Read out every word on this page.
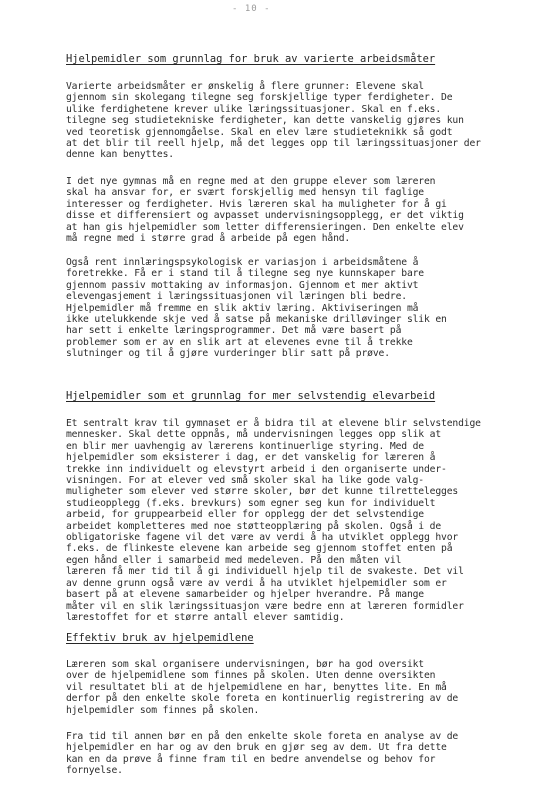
- 10 -
Hjelpemidler som grunnlag for bruk av varierte arbeidsmåter
Varierte arbeidsmåter er ønskelig å flere grunner: Elevene skal
gjennom sin skolegang tilegne seg forskjellige typer ferdigheter. De
ulike ferdighetene krever ulike læringssituasjoner. Skal en f.eks.
tilegne seg studietekniske ferdigheter, kan dette vanskelig gjøres kun
ved teoretisk gjennomgåelse. Skal en elev lære studieteknikk så godt
at det blir til reell hjelp, må det legges opp til læringssituasjoner der
denne kan benyttes.
I det nye gymnas må en regne med at den gruppe elever som læreren
skal ha ansvar for, er svært forskjellig med hensyn til faglige
interesser og ferdigheter. Hvis læreren skal ha muligheter for å gi
disse et differensiert og avpasset undervisningsopplegg, er det viktig
at han gis hjelpemidler som letter differensieringen. Den enkelte elev
må regne med i større grad å arbeide på egen hånd.
Også rent innlæringspsykologisk er variasjon i arbeidsmåtene å
foretrekke. Få er i stand til å tilegne seg nye kunnskaper bare
gjennom passiv mottaking av informasjon. Gjennom et mer aktivt
elevengasjement i læringssituasjonen vil læringen bli bedre.
Hjelpemidler må fremme en slik aktiv læring. Aktiviseringen må
ikke utelukkende skje ved å satse på mekaniske drilløvinger slik en
har sett i enkelte læringsprogrammer. Det må være basert på
problemer som er av en slik art at elevenes evne til å trekke
slutninger og til å gjøre vurderinger blir satt på prøve.
Hjelpemidler som et grunnlag for mer selvstendig elevarbeid
Et sentralt krav til gymnaset er å bidra til at elevene blir selvstendige
mennesker. Skal dette oppnås, må undervisningen legges opp slik at
en blir mer uavhengig av lærerens kontinuerlige styring. Med de
hjelpemidler som eksisterer i dag, er det vanskelig for læreren å
trekke inn individuelt og elevstyrt arbeid i den organiserte under-
visningen. For at elever ved små skoler skal ha like gode valg-
muligheter som elever ved større skoler, bør det kunne tilrettelegges
studieopplegg (f.eks. brevkurs) som egner seg kun for individuelt
arbeid, for gruppearbeid eller for opplegg der det selvstendige
arbeidet kompletteres med noe støtteopplæring på skolen. Også i de
obligatoriske fagene vil det være av verdi å ha utviklet opplegg hvor
f.eks. de flinkeste elevene kan arbeide seg gjennom stoffet enten på
egen hånd eller i samarbeid med medeleven. På den måten vil
læreren få mer tid til å gi individuell hjelp til de svakeste. Det vil
av denne grunn også være av verdi å ha utviklet hjelpemidler som er
basert på at elevene samarbeider og hjelper hverandre. På mange
måter vil en slik læringssituasjon være bedre enn at læreren formidler
lærestoffet for et større antall elever samtidig.
Effektiv bruk av hjelpemidlene
Læreren som skal organisere undervisningen, bør ha god oversikt
over de hjelpemidlene som finnes på skolen. Uten denne oversikten
vil resultatet bli at de hjelpemidlene en har, benyttes lite. En må
derfor på den enkelte skole foreta en kontinuerlig registrering av de
hjelpemidler som finnes på skolen.
Fra tid til annen bør en på den enkelte skole foreta en analyse av de
hjelpemidler en har og av den bruk en gjør seg av dem. Ut fra dette
kan en da prøve å finne fram til en bedre anvendelse og behov for
fornyelse.
